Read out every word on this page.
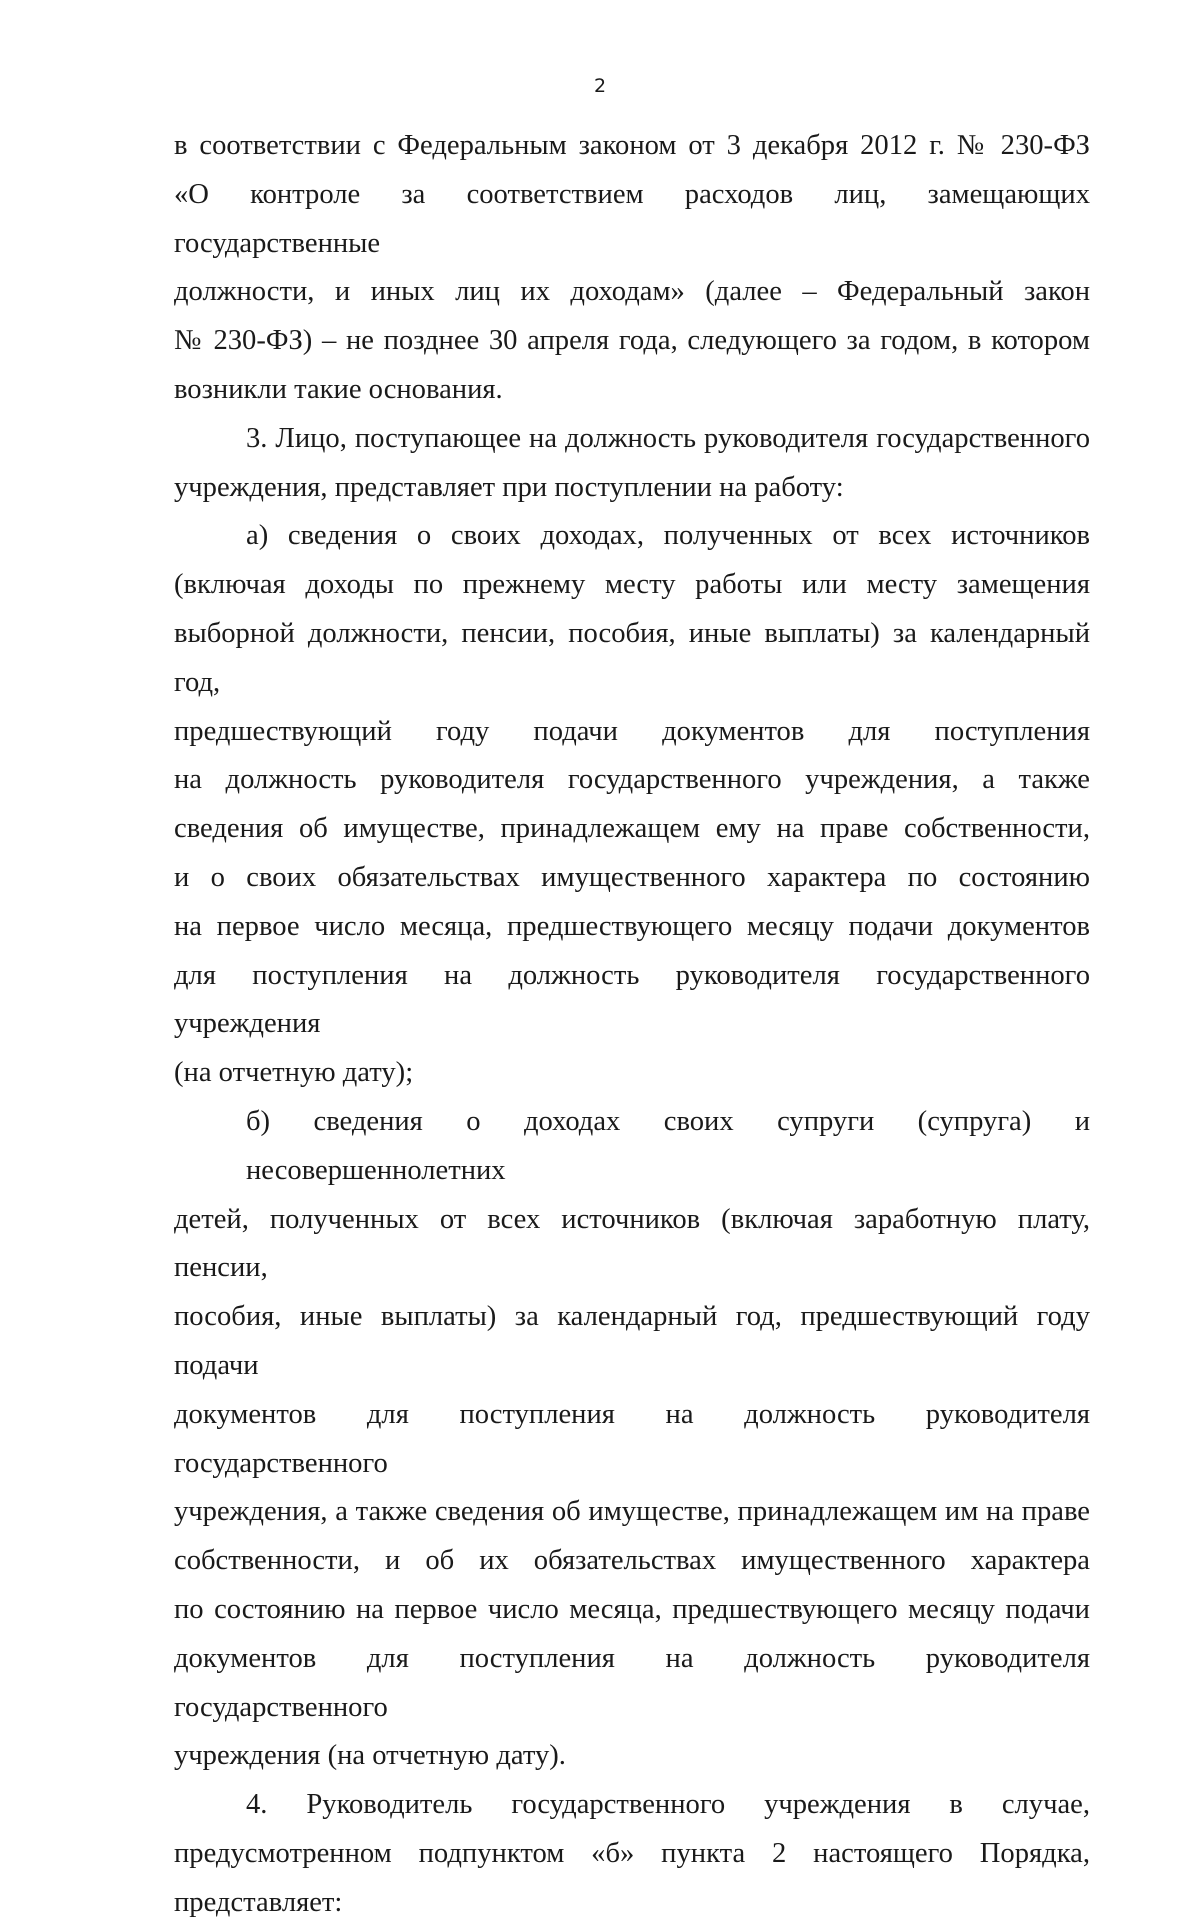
2
в соответствии с Федеральным законом от 3 декабря 2012 г. № 230-ФЗ
«О контроле за соответствием расходов лиц, замещающих государственные
должности, и иных лиц их доходам» (далее – Федеральный закон
№ 230-ФЗ) – не позднее 30 апреля года, следующего за годом, в котором
возникли такие основания.
3. Лицо, поступающее на должность руководителя государственного
учреждения, представляет при поступлении на работу:
а) сведения о своих доходах, полученных от всех источников
(включая доходы по прежнему месту работы или месту замещения
выборной должности, пенсии, пособия, иные выплаты) за календарный год,
предшествующий году подачи документов для поступления
на должность руководителя государственного учреждения, а также
сведения об имуществе, принадлежащем ему на праве собственности,
и о своих обязательствах имущественного характера по состоянию
на первое число месяца, предшествующего месяцу подачи документов
для поступления на должность руководителя государственного учреждения
(на отчетную дату);
б) сведения о доходах своих супруги (супруга) и несовершеннолетних
детей, полученных от всех источников (включая заработную плату, пенсии,
пособия, иные выплаты) за календарный год, предшествующий году подачи
документов для поступления на должность руководителя государственного
учреждения, а также сведения об имуществе, принадлежащем им на праве
собственности, и об их обязательствах имущественного характера
по состоянию на первое число месяца, предшествующего месяцу подачи
документов для поступления на должность руководителя государственного
учреждения (на отчетную дату).
4. Руководитель государственного учреждения в случае,
предусмотренном подпунктом «б» пункта 2 настоящего Порядка,
представляет:
